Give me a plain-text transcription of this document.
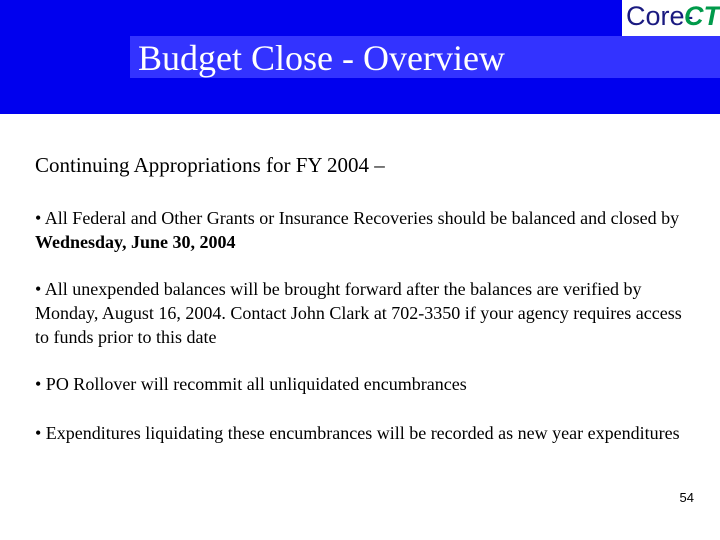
Budget Close - Overview
Core-
CT
Continuing Appropriations for FY 2004 –
• All Federal and Other Grants or Insurance Recoveries should be balanced and closed by Wednesday, June 30, 2004
• All unexpended balances will be brought forward after the balances are verified by Monday, August 16, 2004. Contact John Clark at 702-3350 if your agency requires access to funds prior to this date
• PO Rollover will recommit all unliquidated encumbrances
• Expenditures liquidating these encumbrances will be recorded as new year expenditures
54
